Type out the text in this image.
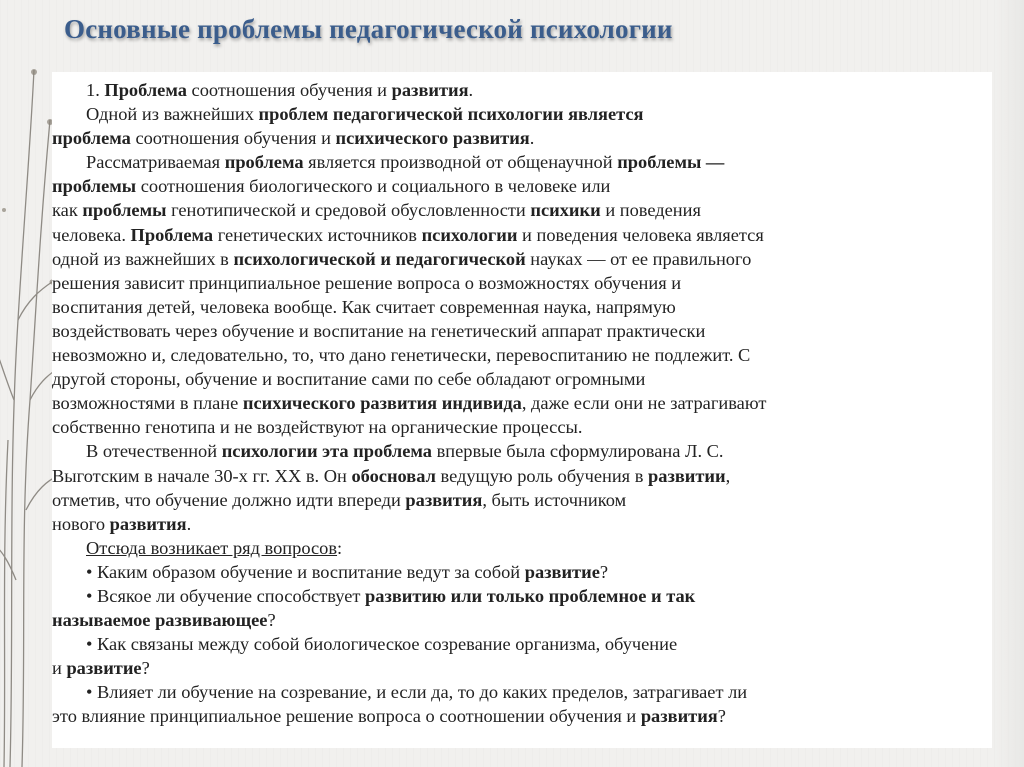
Основные проблемы педагогической психологии
1. Проблема соотношения обучения и развития.
Одной из важнейших проблем педагогической психологии является
проблема соотношения обучения и психического развития.
Рассматриваемая проблема является производной от общенаучной проблемы —
проблемы соотношения биологического и социального в человеке или
как проблемы генотипической и средовой обусловленности психики и поведения
человека. Проблема генетических источников психологии и поведения человека является
одной из важнейших в психологической и педагогической науках — от ее правильного
решения зависит принципиальное решение вопроса о возможностях обучения и
воспитания детей, человека вообще. Как считает современная наука, напрямую
воздействовать через обучение и воспитание на генетический аппарат практически
невозможно и, следовательно, то, что дано генетически, перевоспитанию не подлежит. С
другой стороны, обучение и воспитание сами по себе обладают огромными
возможностями в плане психического развития индивида, даже если они не затрагивают
собственно генотипа и не воздействуют на органические процессы.
В отечественной психологии эта проблема впервые была сформулирована Л. С.
Выготским в начале 30-х гг. XX в. Он обосновал ведущую роль обучения в развитии,
отметив, что обучение должно идти впереди развития, быть источником
нового развития.
Отсюда возникает ряд вопросов:
• Каким образом обучение и воспитание ведут за собой развитие?
• Всякое ли обучение способствует развитию или только проблемное и так
называемое развивающее?
• Как связаны между собой биологическое созревание организма, обучение
и развитие?
• Влияет ли обучение на созревание, и если да, то до каких пределов, затрагивает ли
это влияние принципиальное решение вопроса о соотношении обучения и развития?
